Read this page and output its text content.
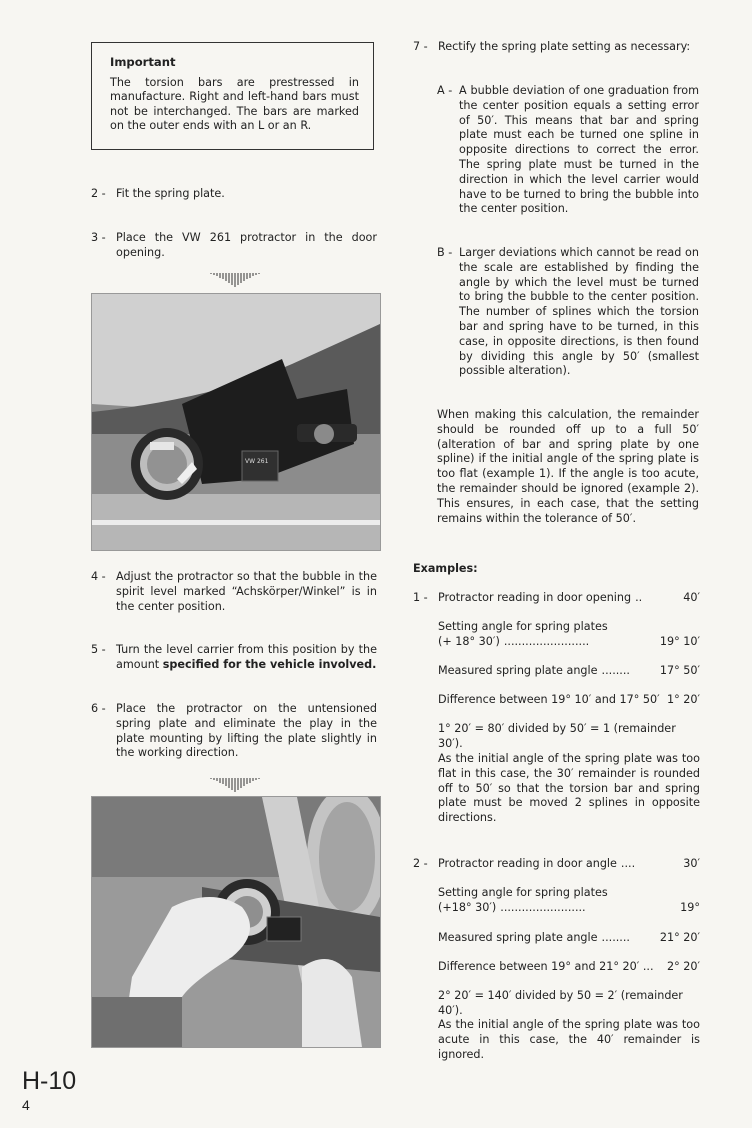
Important
The torsion bars are prestressed in manufacture. Right and left-hand bars must not be interchanged. The bars are marked on the outer ends with an L or an R.
2 - Fit the spring plate.
3 - Place the VW 261 protractor in the door opening.
VW 261
4 - Adjust the protractor so that the bubble in the spirit level marked “Achskörper/Winkel” is in the center position.
5 - Turn the level carrier from this position by the amount specified for the vehicle involved.
6 - Place the protractor on the untensioned spring plate and eliminate the play in the plate mounting by lifting the plate slightly in the working direction.
7 - Rectify the spring plate setting as necessary:
A - A bubble deviation of one graduation from the center position equals a setting error of 50′. This means that bar and spring plate must each be turned one spline in opposite directions to correct the error. The spring plate must be turned in the direction in which the level carrier would have to be turned to bring the bubble into the center position.
B - Larger deviations which cannot be read on the scale are established by finding the angle by which the level must be turned to bring the bubble to the center position. The number of splines which the torsion bar and spring have to be turned, in this case, in opposite directions, is then found by dividing this angle by 50′ (smallest possible alteration).
When making this calculation, the remainder should be rounded off up to a full 50′ (alteration of bar and spring plate by one spline) if the initial angle of the spring plate is too flat (example 1). If the angle is too acute, the remainder should be ignored (example 2). This ensures, in each case, that the setting remains within the tolerance of 50′.
Examples:
1 - Protractor reading in door opening ..	40′
Setting angle for spring plates
(+ 18° 30′) ........................	19° 10′
Measured spring plate angle ........	17° 50′
Difference between 19° 10′ and 17° 50′ 1° 20′
1° 20′ = 80′ divided by 50′ = 1 (remainder 30′).
As the initial angle of the spring plate was too flat in this case, the 30′ remainder is rounded off to 50′ so that the torsion bar and spring plate must be moved 2 splines in opposite directions.
2 - Protractor reading in door angle ....	30′
Setting angle for spring plates
(+18° 30′) ........................	19°
Measured spring plate angle ........	21° 20′
Difference between 19° and 21° 20′ ... 2° 20′
2° 20′ = 140′ divided by 50 = 2′ (remainder 40′).
As the initial angle of the spring plate was too acute in this case, the 40′ remainder is ignored.
H-10
4
